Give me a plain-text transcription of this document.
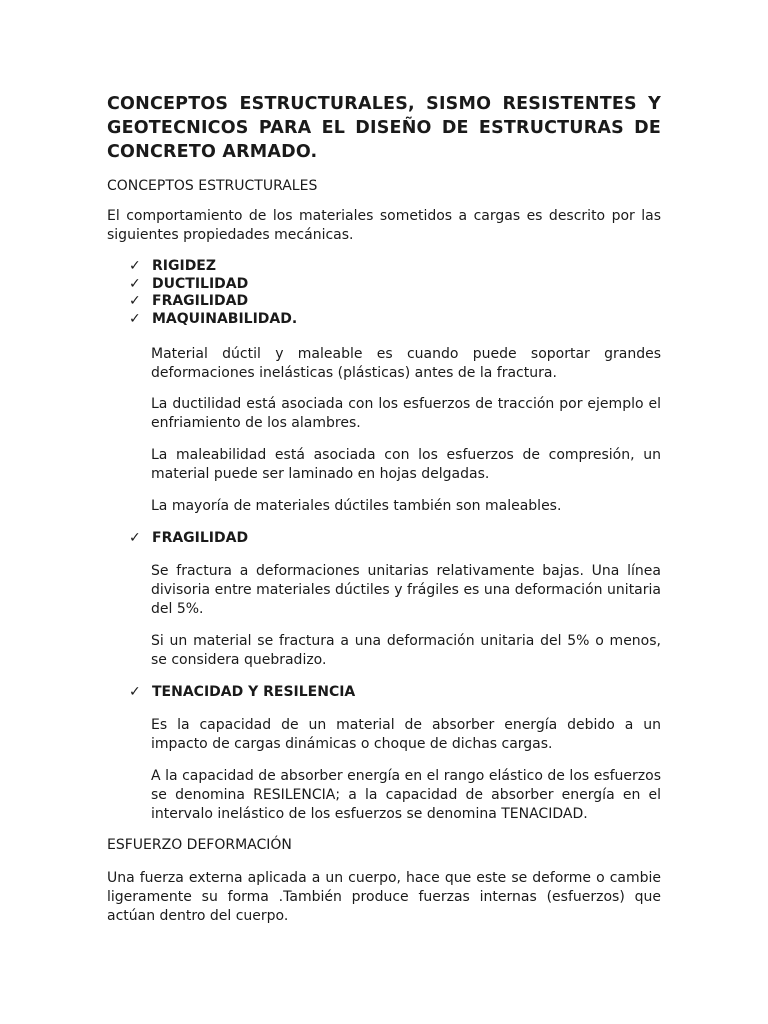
CONCEPTOS ESTRUCTURALES, SISMO RESISTENTES Y GEOTECNICOS PARA EL DISEÑO DE ESTRUCTURAS DE CONCRETO ARMADO.

CONCEPTOS ESTRUCTURALES

El comportamiento de los materiales sometidos a cargas es descrito por las siguientes propiedades mecánicas.

✓ RIGIDEZ
✓ DUCTILIDAD
✓ FRAGILIDAD
✓ MAQUINABILIDAD.

Material dúctil y maleable es cuando puede soportar grandes deformaciones inelásticas (plásticas) antes de la fractura.

La ductilidad está asociada con los esfuerzos de tracción por ejemplo el enfriamiento de los alambres.

La maleabilidad está asociada con los esfuerzos de compresión, un material puede ser laminado en hojas delgadas.

La mayoría de materiales dúctiles también son maleables.

✓ FRAGILIDAD

Se fractura a deformaciones unitarias relativamente bajas. Una línea divisoria entre materiales dúctiles y frágiles es una deformación unitaria del 5%.

Si un material se fractura a una deformación unitaria del 5% o menos, se considera quebradizo.

✓ TENACIDAD Y RESILENCIA

Es la capacidad de un material de absorber energía debido a un impacto de cargas dinámicas o choque de dichas cargas.

A la capacidad de absorber energía en el rango elástico de los esfuerzos se denomina RESILENCIA; a la capacidad de absorber energía en el intervalo inelástico de los esfuerzos se denomina TENACIDAD.

ESFUERZO DEFORMACIÓN

Una fuerza externa aplicada a un cuerpo, hace que este se deforme o cambie ligeramente su forma .También produce fuerzas internas (esfuerzos) que actúan dentro del cuerpo.
